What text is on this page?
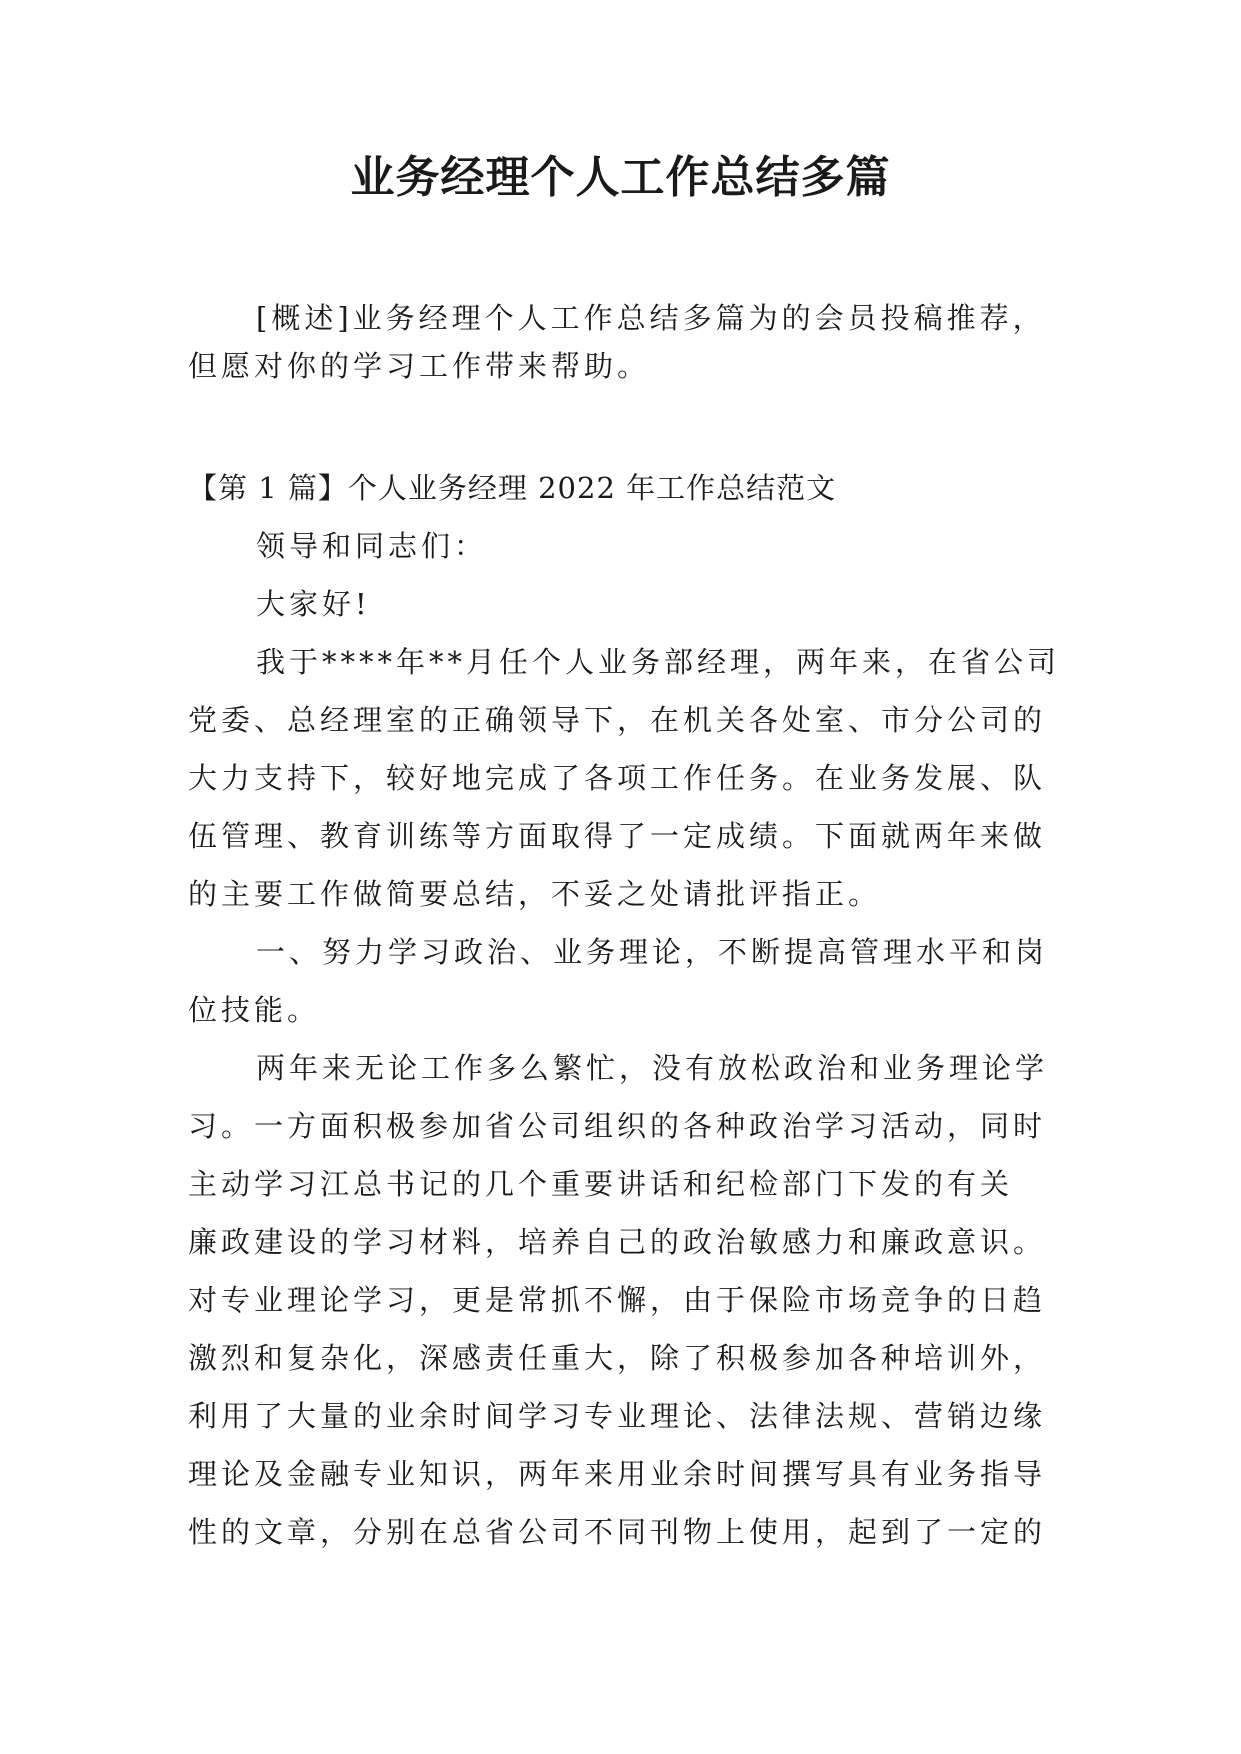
业务经理个人工作总结多篇
[概述]业务经理个人工作总结多篇为的会员投稿推荐，
但愿对你的学习工作带来帮助。
【第 1 篇】个人业务经理 2022 年工作总结范文
领导和同志们：
大家好!
我于****年**月任个人业务部经理，两年来，在省公司
党委、总经理室的正确领导下，在机关各处室、市分公司的
大力支持下，较好地完成了各项工作任务。在业务发展、队
伍管理、教育训练等方面取得了一定成绩。下面就两年来做
的主要工作做简要总结，不妥之处请批评指正。
一、努力学习政治、业务理论，不断提高管理水平和岗
位技能。
两年来无论工作多么繁忙，没有放松政治和业务理论学
习。一方面积极参加省公司组织的各种政治学习活动，同时
主动学习江总书记的几个重要讲话和纪检部门下发的有关
廉政建设的学习材料，培养自己的政治敏感力和廉政意识。
对专业理论学习，更是常抓不懈，由于保险市场竞争的日趋
激烈和复杂化，深感责任重大，除了积极参加各种培训外，
利用了大量的业余时间学习专业理论、法律法规、营销边缘
理论及金融专业知识，两年来用业余时间撰写具有业务指导
性的文章，分别在总省公司不同刊物上使用，起到了一定的
